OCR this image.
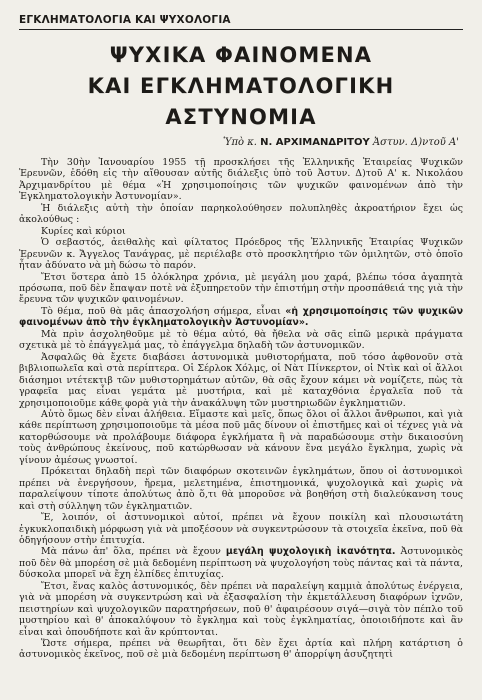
ΕΓΚΛΗΜΑΤΟΛΟΓΙΑ ΚΑΙ ΨΥΧΟΛΟΓΙΑ
ΨΥΧΙΚΑ ΦΑΙΝΟΜΕΝΑ
ΚΑΙ ΕΓΚΛΗΜΑΤΟΛΟΓΙΚΗ ΑΣΤΥΝΟΜΙΑ
Ὑπὸ κ. Ν. ΑΡΧΙΜΑΝΔΡΙΤΟΥ Ἀστυν. Δ)ντοῦ Α'

Τὴν 30ὴν Ἰανουαρίου 1955 τῇ προσκλήσει τῆς Ἑλληνικῆς Ἑταιρείας Ψυχικῶν Ἐρευνῶν, ἐδόθη εἰς τὴν αἴθουσαν αὐτῆς διάλεξις ὑπὸ τοῦ Ἀστυν. Δ)τοῦ Α' κ. Νικολάου Ἀρχιμανδρίτου μὲ θέμα «Ἡ χρησιμοποίησις τῶν ψυχικῶν φαινομένων ἀπὸ τὴν Ἐγκληματολογικὴν Ἀστυνομίαν».

Ἡ διάλεξις αὐτὴ τὴν ὁποίαν παρηκολούθησεν πολυπληθὲς ἀκροατήριον ἔχει ὡς ἀκολούθως :

Κυρίες καὶ κύριοι

Ὁ σεβαστός, ἀειθαλὴς καὶ φίλτατος Πρόεδρος τῆς Ἑλληνικῆς Ἑταιρίας Ψυχικῶν Ἐρευνῶν κ. Ἄγγελος Τανάγρας, μὲ περιέλαβε στὸ προσκλητήριο τῶν ὁμιλητῶν, στὸ ὁποῖο ἦταν ἀδύνατο νὰ μὴ δώσω τὸ παρόν.

Ἔτσι ὕστερα ἀπὸ 15 ὁλόκληρα χρόνια, μὲ μεγάλη μου χαρά, βλέπω τόσα ἀγαπητὰ πρόσωπα, ποῦ δὲν ἔπαψαν ποτὲ νὰ ἐξυπηρετοῦν τὴν ἐπιστήμη στὴν προσπάθειά της γιὰ τὴν ἔρευνα τῶν ψυχικῶν φαινομένων.

Τὸ θέμα, ποῦ θὰ μᾶς ἀπασχολήση σήμερα, εἶναι «ἡ χρησιμοποίησις τῶν ψυχικῶν φαινομένων ἀπὸ τὴν ἐγκληματολογικὴν Ἀστυνομίαν».

Μὰ πρὶν ἀσχοληθοῦμε μὲ τὸ θέμα αὐτό, θὰ ἤθελα νὰ σᾶς εἰπῶ μερικὰ πράγματα σχετικὰ μὲ τὸ ἐπάγγελμά μας, τὸ ἐπάγγελμα δηλαδὴ τῶν ἀστυνομικῶν.

Ἀσφαλῶς θὰ ἔχετε διαβάσει ἀστυνομικὰ μυθιστορήματα, ποῦ τόσο ἀφθονοῦν στὰ βιβλιοπωλεῖα καὶ στὰ περίπτερα. Οἱ Σέρλοκ Χόλμς, οἱ Νὰτ Πίνκερτον, οἱ Ντὶκ καὶ οἱ ἄλλοι διάσημοι ντέτεκτιβ τῶν μυθιστορημάτων αὐτῶν, θὰ σᾶς ἔχουν κάμει νὰ νομίζετε, πὼς τὰ γραφεῖα μας εἶναι γεμάτα μὲ μυστήρια, καὶ μὲ καταχθόνια ἐργαλεῖα ποῦ τὰ χρησιμοποιοῦμε κάθε φορὰ γιὰ τὴν ἀνακάλυψη τῶν μυστηριωδῶν ἐγκληματιῶν.

Αὐτὸ ὅμως δὲν εἶναι ἀλήθεια. Εἴμαστε καὶ μεῖς, ὅπως ὅλοι οἱ ἄλλοι ἄνθρωποι, καὶ γιὰ κάθε περίπτωση χρησιμοποιοῦμε τὰ μέσα ποῦ μᾶς δίνουν οἱ ἐπιστῆμες καὶ οἱ τέχνες γιὰ νὰ κατορθώσουμε νὰ προλάβουμε διάφορα ἐγκλήματα ἢ νὰ παραδώσουμε στὴν δικαιοσύνη τοὺς ἀνθρώπους ἐκείνους, ποῦ κατώρθωσαν νὰ κάνουν ἕνα μεγάλο ἔγκλημα, χωρὶς νὰ γίνουν ἀμέσως γνωστοί.

Πρόκειται δηλαδὴ περὶ τῶν διαφόρων σκοτεινῶν ἐγκλημάτων, ὅπου οἱ ἀστυνομικοὶ πρέπει νὰ ἐνεργήσουν, ἤρεμα, μελετημένα, ἐπιστημονικά, ψυχολογικὰ καὶ χωρὶς νὰ παραλείψουν τίποτε ἀπολύτως ἀπὸ ὅ,τι θὰ μποροῦσε νὰ βοηθήση στὴ διαλεύκανση τους καὶ στὴ σύλληψη τῶν ἐγκληματιῶν.

Ἔ, λοιπόν, οἱ ἀστυνομικοὶ αὐτοί, πρέπει νὰ ἔχουν ποικίλη καὶ πλουσιωτάτη ἐγκυκλοπαιδικὴ μόρφωση γιὰ νὰ μποξέσουν νὰ συγκεντρώσουν τὰ στοιχεῖα ἐκεῖνα, ποῦ θὰ ὁδηγήσουν στὴν ἐπιτυχία.

Μὰ πάνω ἀπ' ὅλα, πρέπει νὰ ἔχουν μεγάλη ψυχολογικὴ ἱκανότητα. Ἀστυνομικὸς ποῦ δὲν θὰ μπορέση σὲ μιὰ δεδομένη περίπτωση νὰ ψυχολογήση τοὺς πάντας καὶ τὰ πάντα, δύσκολα μπορεῖ νὰ ἔχη ἐλπίδες ἐπιτυχίας.

Ἔτσι, ἕνας καλὸς ἀστυνομικός, δὲν πρέπει νὰ παραλείψη καμμιὰ ἀπολύτως ἐνέργεια, γιὰ νὰ μπορέση νὰ συγκεντρώση καὶ νὰ ἐξασφαλίση τὴν ἐκμετάλλευση διαφόρων ἰχνῶν, πειστηρίων καὶ ψυχολογικῶν παρατηρήσεων, ποῦ θ' ἀφαιρέσουν σιγά—σιγὰ τὸν πέπλο τοῦ μυστηρίου καὶ θ' ἀποκαλύψουν τὸ ἔγκλημα καὶ τοὺς ἐγκληματίας, ὁποιοιδήποτε καὶ ἂν εἶναι καὶ ὁπουδήποτε καὶ ἂν κρύπτονται.

Ὥστε σήμερα, πρέπει νὰ θεωρῆται, ὅτι δὲν ἔχει ἀρτία καὶ πλήρη κατάρτιση ὁ ἀστυνομικὸς ἐκεῖνος, ποῦ σὲ μιὰ δεδομένη περίπτωση θ' ἀπορρίψη ἀσυζητητὶ
